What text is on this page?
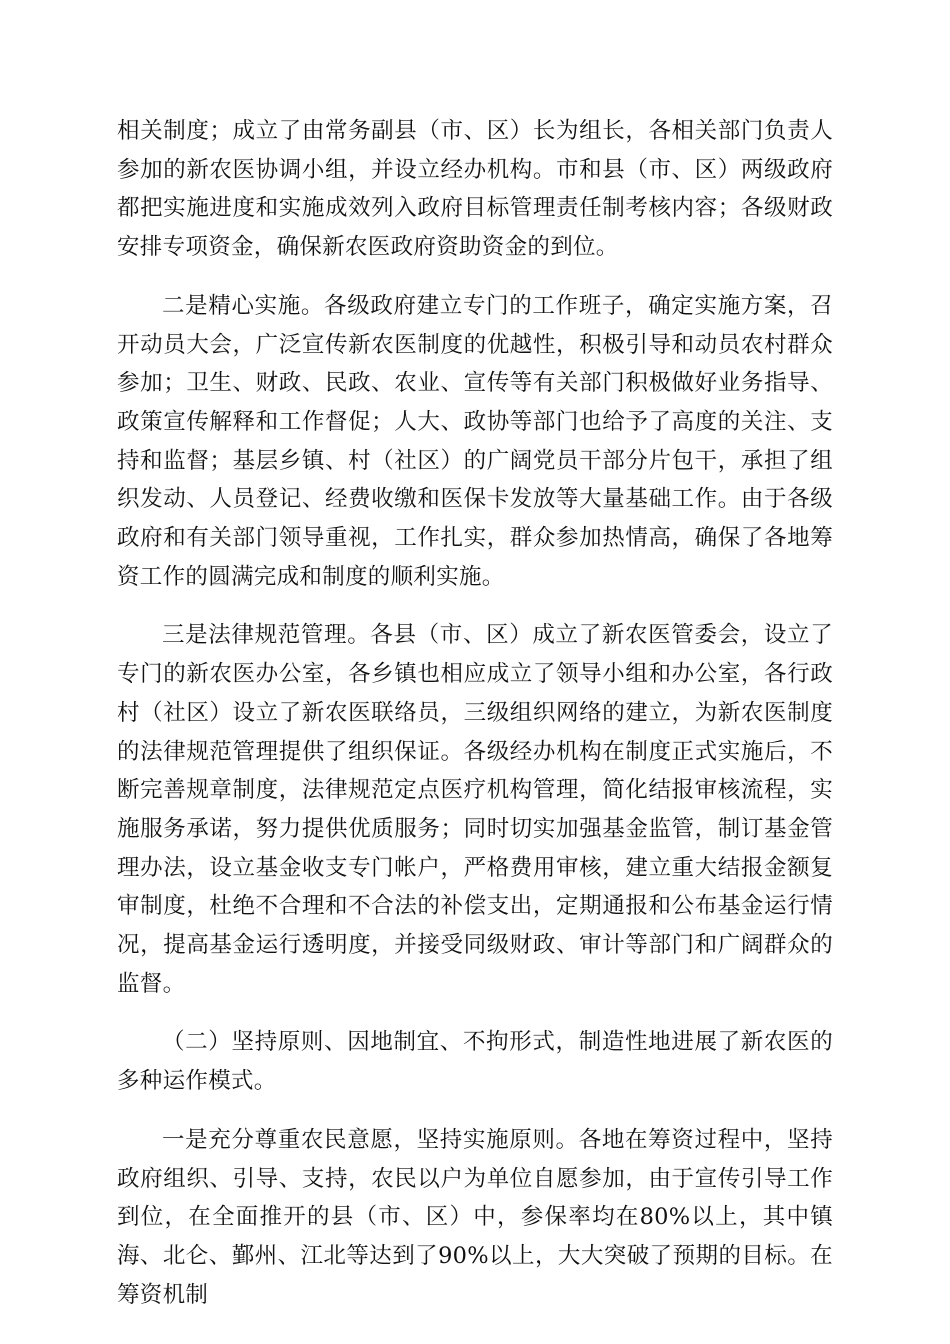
相关制度；成立了由常务副县（市、区）长为组长，各相关部门负责人参加的新农医协调小组，并设立经办机构。市和县（市、区）两级政府都把实施进度和实施成效列入政府目标管理责任制考核内容；各级财政安排专项资金，确保新农医政府资助资金的到位。

二是精心实施。各级政府建立专门的工作班子，确定实施方案，召开动员大会，广泛宣传新农医制度的优越性，积极引导和动员农村群众参加；卫生、财政、民政、农业、宣传等有关部门积极做好业务指导、政策宣传解释和工作督促；人大、政协等部门也给予了高度的关注、支持和监督；基层乡镇、村（社区）的广阔党员干部分片包干，承担了组织发动、人员登记、经费收缴和医保卡发放等大量基础工作。由于各级政府和有关部门领导重视，工作扎实，群众参加热情高，确保了各地筹资工作的圆满完成和制度的顺利实施。

三是法律规范管理。各县（市、区）成立了新农医管委会，设立了专门的新农医办公室，各乡镇也相应成立了领导小组和办公室，各行政村（社区）设立了新农医联络员，三级组织网络的建立，为新农医制度的法律规范管理提供了组织保证。各级经办机构在制度正式实施后，不断完善规章制度，法律规范定点医疗机构管理，简化结报审核流程，实施服务承诺，努力提供优质服务；同时切实加强基金监管，制订基金管理办法，设立基金收支专门帐户，严格费用审核，建立重大结报金额复审制度，杜绝不合理和不合法的补偿支出，定期通报和公布基金运行情况，提高基金运行透明度，并接受同级财政、审计等部门和广阔群众的监督。

（二）坚持原则、因地制宜、不拘形式，制造性地进展了新农医的多种运作模式。

一是充分尊重农民意愿，坚持实施原则。各地在筹资过程中，坚持政府组织、引导、支持，农民以户为单位自愿参加，由于宣传引导工作到位，在全面推开的县（市、区）中，参保率均在80%以上，其中镇海、北仑、鄞州、江北等达到了90%以上，大大突破了预期的目标。在筹资机制
